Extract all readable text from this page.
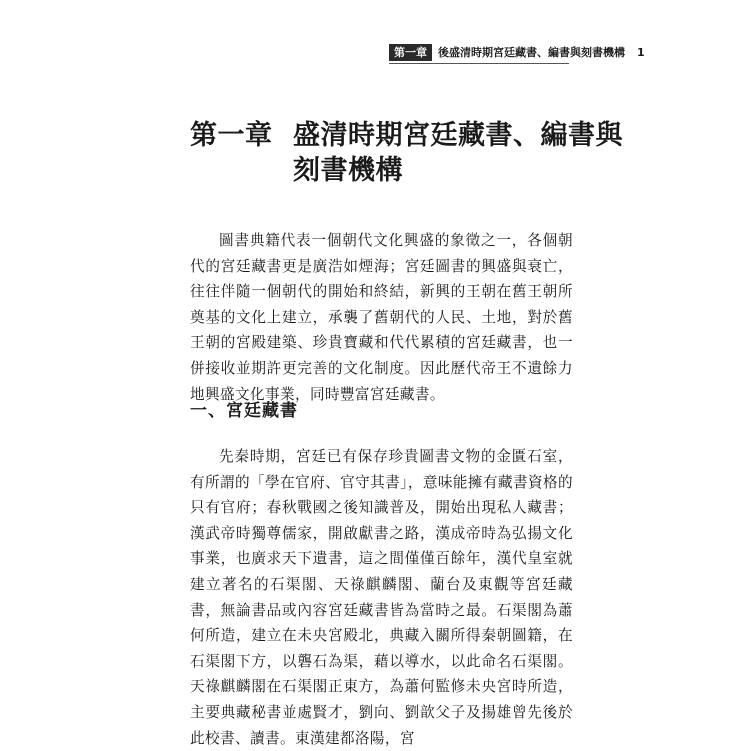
第一章	後盛清時期宮廷藏書、編書與刻書機構 1
第一章 盛清時期宮廷藏書、編書與
刻書機構

圖書典籍代表一個朝代文化興盛的象徵之一，各個朝代的宮廷藏書更是廣浩如煙海；宮廷圖書的興盛與衰亡，往往伴隨一個朝代的開始和終結，新興的王朝在舊王朝所奠基的文化上建立，承襲了舊朝代的人民、土地，對於舊王朝的宮殿建築、珍貴寶藏和代代累積的宮廷藏書，也一併接收並期許更完善的文化制度。因此歷代帝王不遺餘力地興盛文化事業，同時豐富宮廷藏書。

一、宮廷藏書

先秦時期，宮廷已有保存珍貴圖書文物的金匱石室，有所謂的「學在官府、官守其書」，意味能擁有藏書資格的只有官府；春秋戰國之後知識普及，開始出現私人藏書；漢武帝時獨尊儒家，開啟獻書之路，漢成帝時為弘揚文化事業，也廣求天下遺書，這之間僅僅百餘年，漢代皇室就建立著名的石渠閣、天祿麒麟閣、蘭台及東觀等宮廷藏書，無論書品或內容宮廷藏書皆為當時之最。石渠閣為蕭何所造，建立在未央宮殿北，典藏入關所得秦朝圖籍，在石渠閣下方，以礱石為渠，藉以導水，以此命名石渠閣。天祿麒麟閣在石渠閣正東方，為蕭何監修未央宮時所造，主要典藏秘書並處賢才，劉向、劉歆父子及揚雄曾先後於此校書、讀書。東漢建都洛陽，宮
